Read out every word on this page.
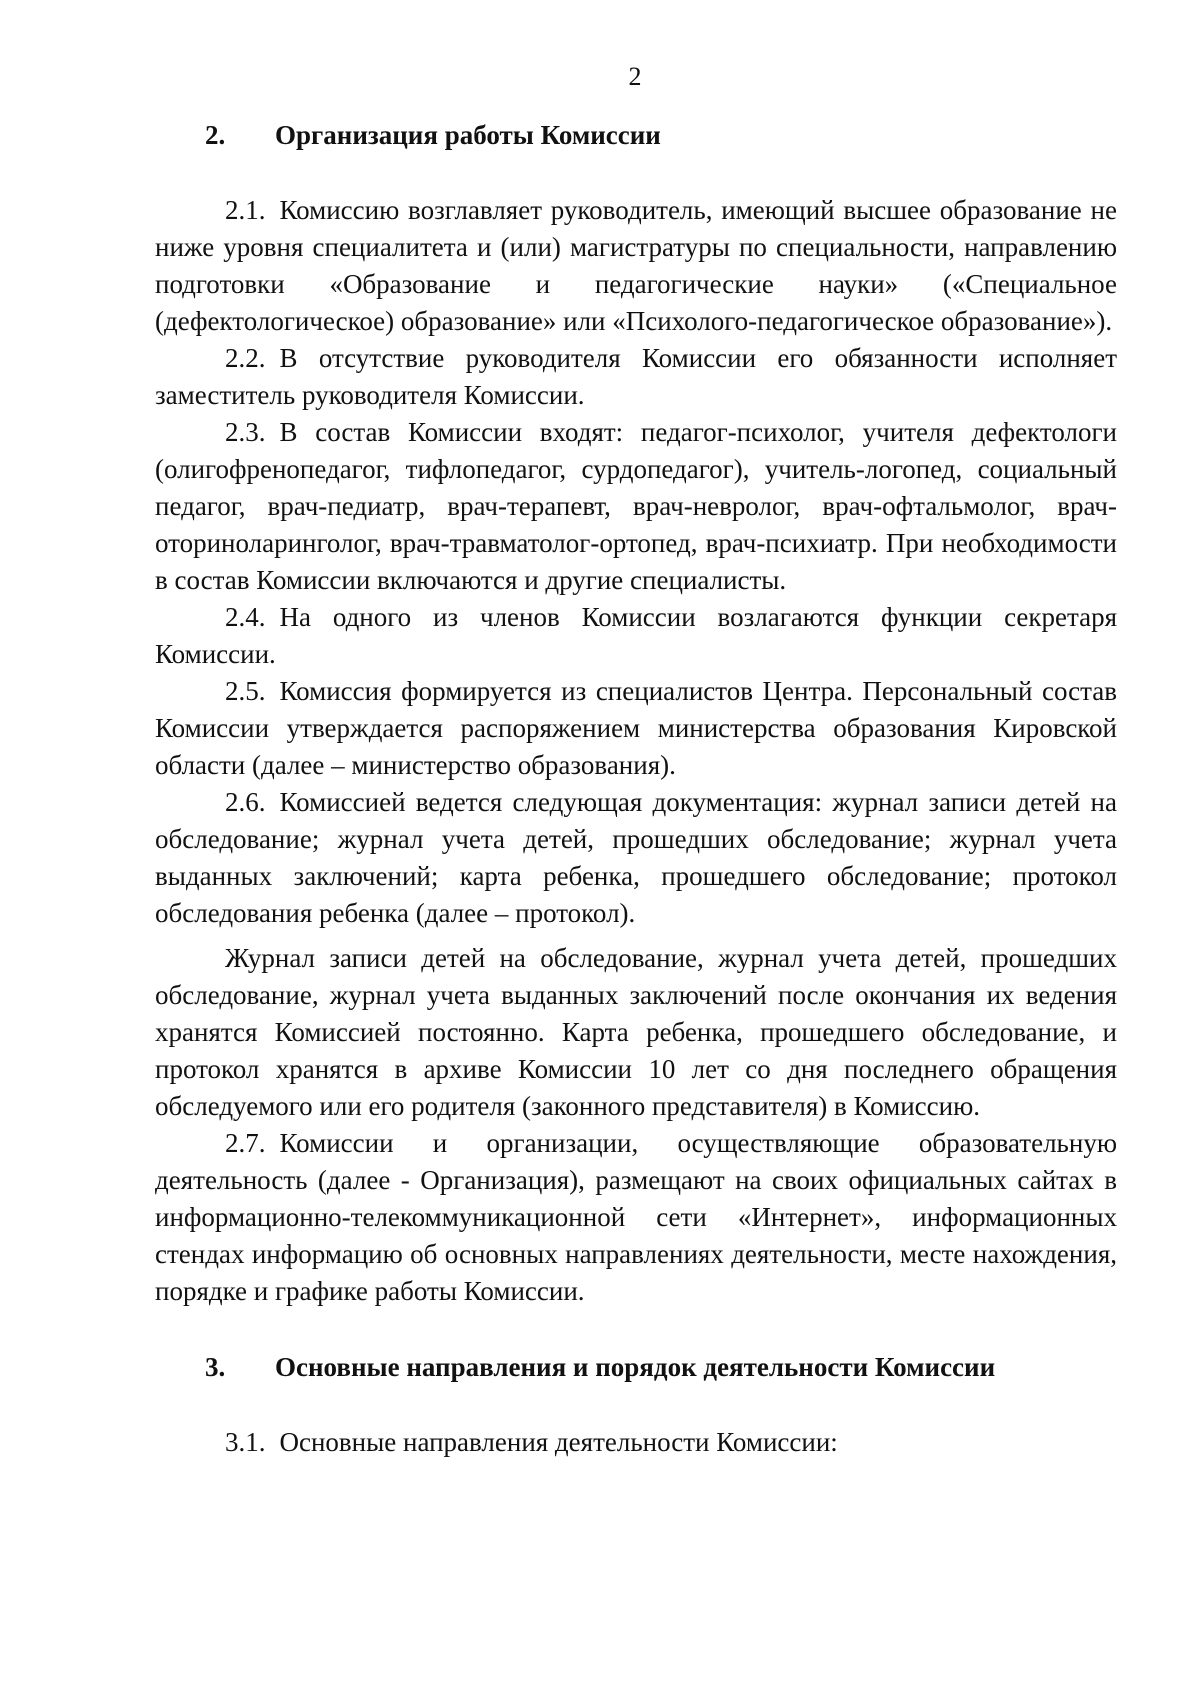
2
2.	Организация работы Комиссии

2.1. Комиссию возглавляет руководитель, имеющий высшее образование не ниже уровня специалитета и (или) магистратуры по специальности, направлению подготовки «Образование и педагогические науки» («Специальное (дефектологическое) образование» или «Психолого-педагогическое образование»).

2.2. В отсутствие руководителя Комиссии его обязанности исполняет заместитель руководителя Комиссии.

2.3. В состав Комиссии входят: педагог-психолог, учителя дефектологи (олигофренопедагог, тифлопедагог, сурдопедагог), учитель-логопед, социальный педагог, врач-педиатр, врач-терапевт, врач-невролог, врач-офтальмолог, врач-оториноларинголог, врач-травматолог-ортопед, врач-психиатр. При необходимости в состав Комиссии включаются и другие специалисты.

2.4. На одного из членов Комиссии возлагаются функции секретаря Комиссии.

2.5. Комиссия формируется из специалистов Центра. Персональный состав Комиссии утверждается распоряжением министерства образования Кировской области (далее – министерство образования).

2.6. Комиссией ведется следующая документация: журнал записи детей на обследование; журнал учета детей, прошедших обследование; журнал учета выданных заключений; карта ребенка, прошедшего обследование; протокол обследования ребенка (далее – протокол).

Журнал записи детей на обследование, журнал учета детей, прошедших обследование, журнал учета выданных заключений после окончания их ведения хранятся Комиссией постоянно. Карта ребенка, прошедшего обследование, и протокол хранятся в архиве Комиссии 10 лет со дня последнего обращения обследуемого или его родителя (законного представителя) в Комиссию.

2.7. Комиссии и организации, осуществляющие образовательную деятельность (далее - Организация), размещают на своих официальных сайтах в информационно-телекоммуникационной сети «Интернет», информационных стендах информацию об основных направлениях деятельности, месте нахождения, порядке и графике работы Комиссии.

3.	Основные направления и порядок деятельности Комиссии

3.1. Основные направления деятельности Комиссии:
